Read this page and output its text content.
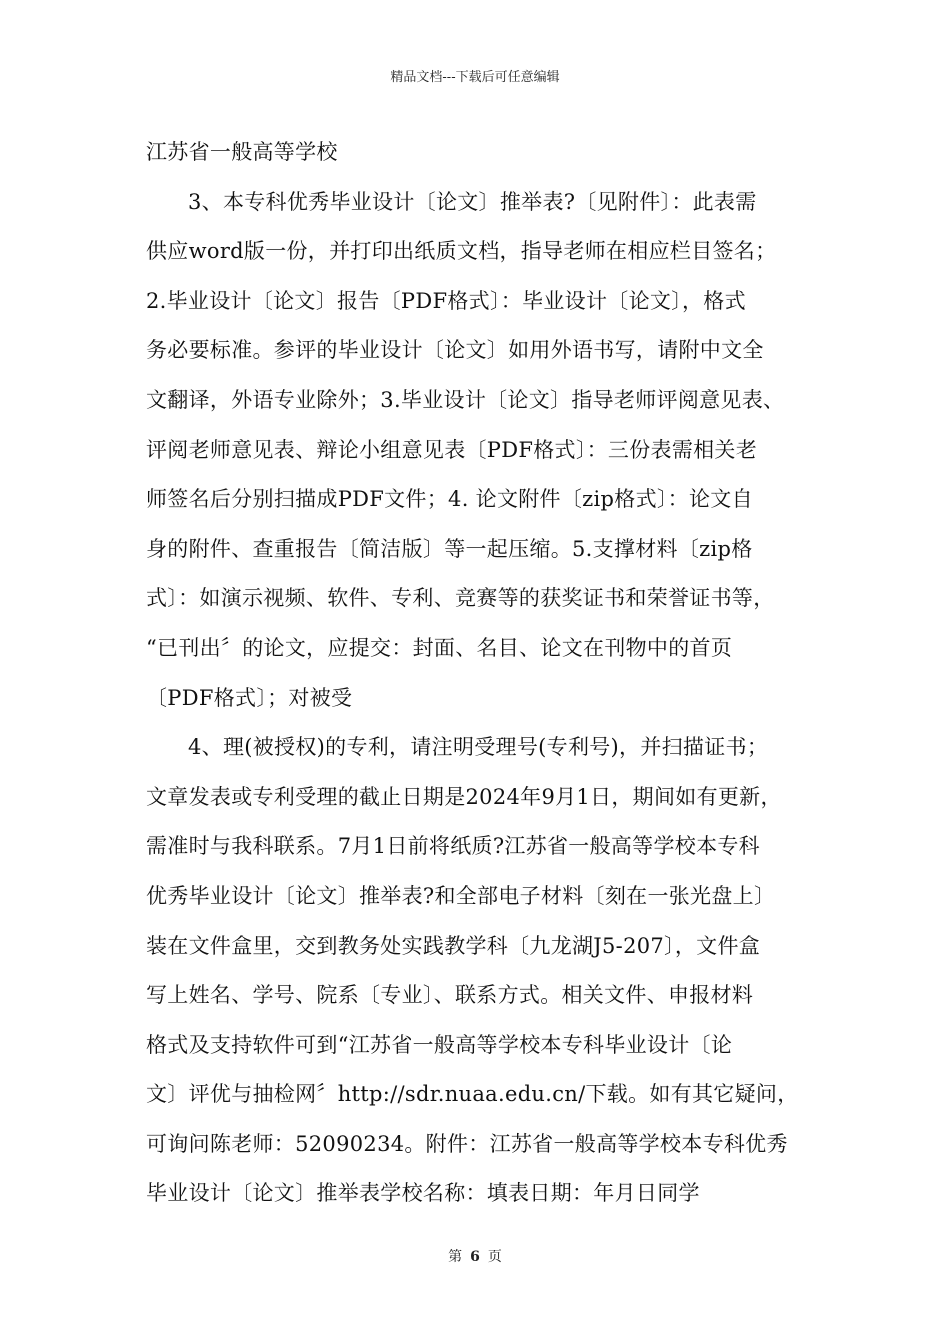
精品文档---下载后可任意编辑
江苏省一般高等学校
3、本专科优秀毕业设计〔论文〕推举表?〔见附件〕：此表需
供应word版一份，并打印出纸质文档，指导老师在相应栏目签名；
2.毕业设计〔论文〕报告〔PDF格式〕：毕业设计〔论文〕，格式
务必要标准。参评的毕业设计〔论文〕如用外语书写，请附中文全
文翻译，外语专业除外；3.毕业设计〔论文〕指导老师评阅意见表、
评阅老师意见表、辩论小组意见表〔PDF格式〕：三份表需相关老
师签名后分别扫描成PDF文件；4. 论文附件〔zip格式〕：论文自
身的附件、查重报告〔简洁版〕等一起压缩。5.支撑材料〔zip格
式〕：如演示视频、软件、专利、竞赛等的获奖证书和荣誉证书等，
“已刊出〞的论文，应提交：封面、名目、论文在刊物中的首页
〔PDF格式〕；对被受
4、理(被授权)的专利，请注明受理号(专利号)，并扫描证书；
文章发表或专利受理的截止日期是2024年9月1日，期间如有更新，
需准时与我科联系。7月1日前将纸质?江苏省一般高等学校本专科
优秀毕业设计〔论文〕推举表?和全部电子材料〔刻在一张光盘上〕
装在文件盒里，交到教务处实践教学科〔九龙湖J5-207〕，文件盒
写上姓名、学号、院系〔专业〕、联系方式。相关文件、申报材料
格式及支持软件可到“江苏省一般高等学校本专科毕业设计〔论
文〕评优与抽检网〞http://sdr.nuaa.edu.cn/下载。如有其它疑问，
可询问陈老师：52090234。附件：江苏省一般高等学校本专科优秀
毕业设计〔论文〕推举表学校名称：填表日期：年月日同学
第 6 页
